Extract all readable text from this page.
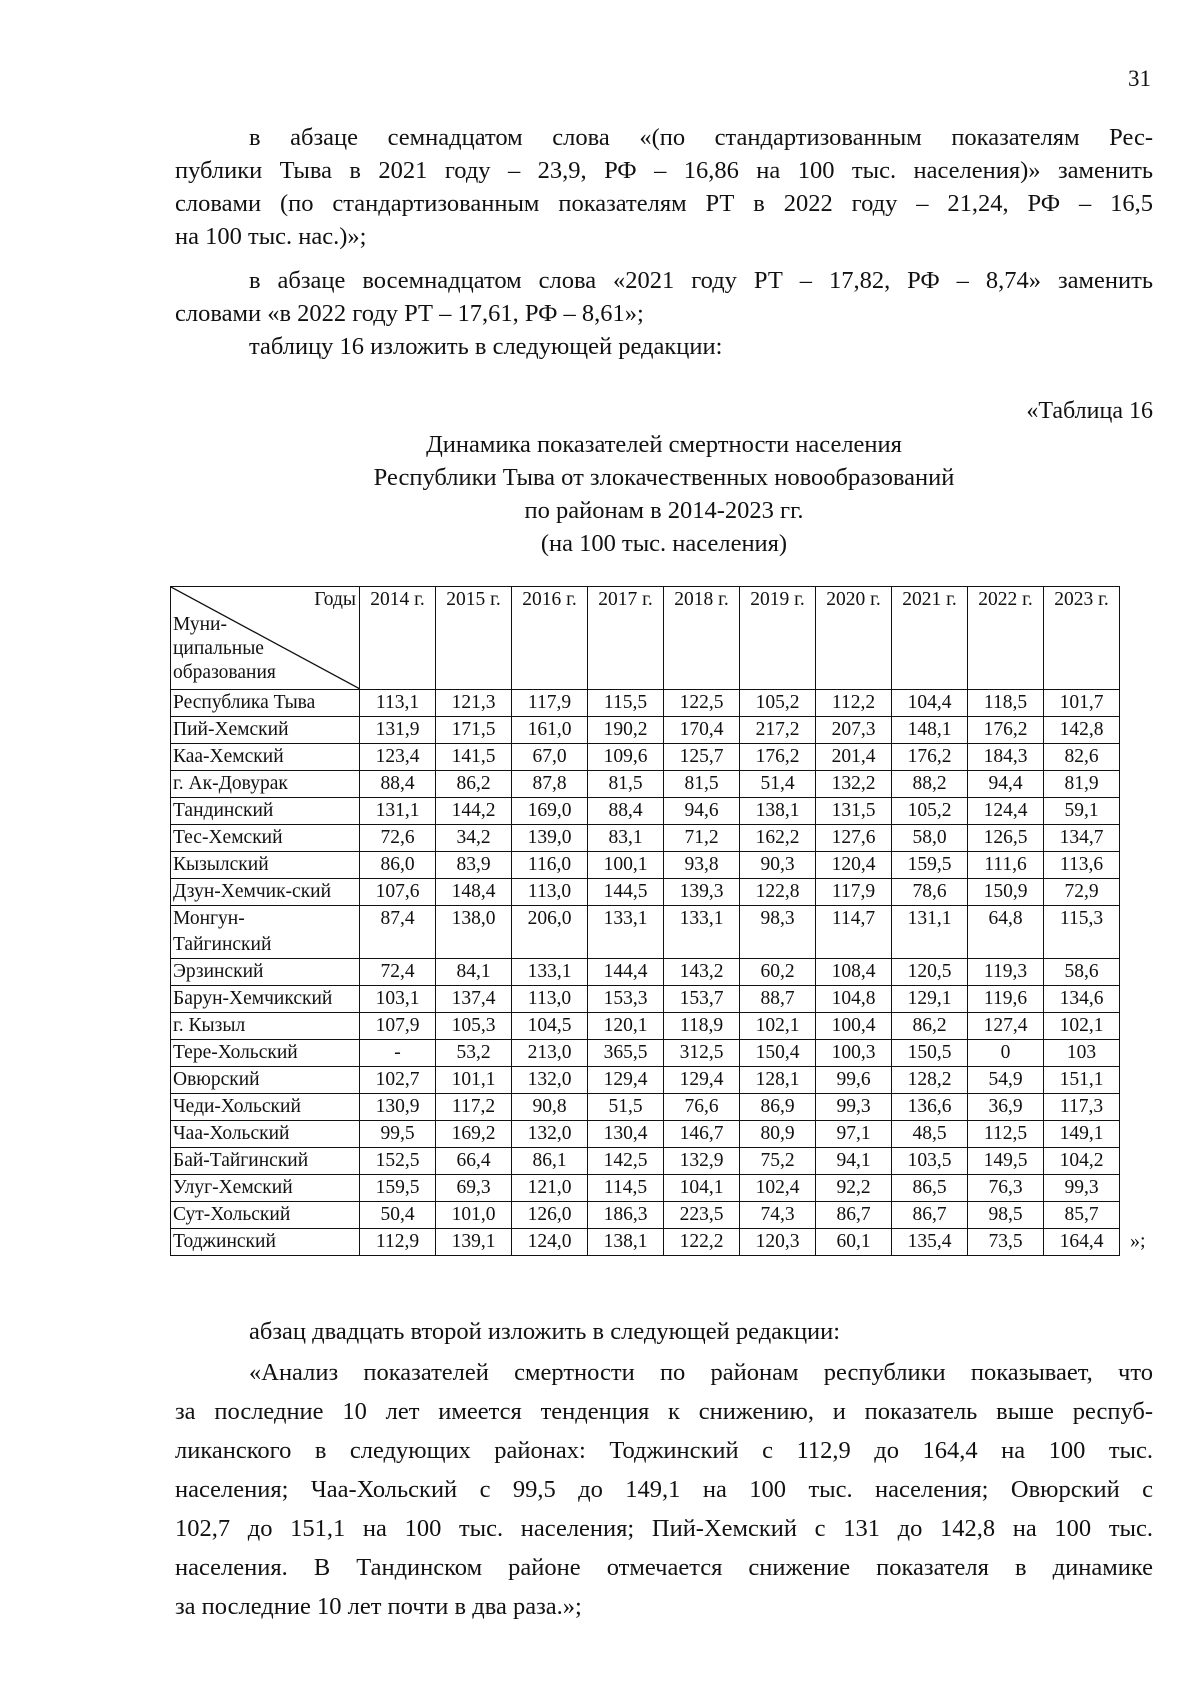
31
в абзаце семнадцатом слова «(по стандартизованным показателям Рес-
публики Тыва в 2021 году – 23,9, РФ – 16,86 на 100 тыс. населения)» заменить
словами (по стандартизованным показателям РТ в 2022 году – 21,24, РФ – 16,5
на 100 тыс. нас.)»;
в абзаце восемнадцатом слова «2021 году РТ – 17,82, РФ – 8,74» заменить
словами «в 2022 году РТ – 17,61, РФ – 8,61»;
таблицу 16 изложить в следующей редакции:
«Таблица 16
Динамика показателей смертности населения
Республики Тыва от злокачественных новообразований
по районам в 2014-2023 гг.
(на 100 тыс. населения)
Годы
Муни-
ципальные
образования	2014 г.	2015 г.	2016 г.	2017 г.	2018 г.	2019 г.	2020 г.	2021 г.	2022 г.	2023 г.
Республика Тыва	113,1	121,3	117,9	115,5	122,5	105,2	112,2	104,4	118,5	101,7
Пий-Хемский	131,9	171,5	161,0	190,2	170,4	217,2	207,3	148,1	176,2	142,8
Каа-Хемский	123,4	141,5	67,0	109,6	125,7	176,2	201,4	176,2	184,3	82,6
г. Ак-Довурак	88,4	86,2	87,8	81,5	81,5	51,4	132,2	88,2	94,4	81,9
Тандинский	131,1	144,2	169,0	88,4	94,6	138,1	131,5	105,2	124,4	59,1
Тес-Хемский	72,6	34,2	139,0	83,1	71,2	162,2	127,6	58,0	126,5	134,7
Кызылский	86,0	83,9	116,0	100,1	93,8	90,3	120,4	159,5	111,6	113,6
Дзун-Хемчик-ский	107,6	148,4	113,0	144,5	139,3	122,8	117,9	78,6	150,9	72,9
Монгун-
Тайгинский	87,4	138,0	206,0	133,1	133,1	98,3	114,7	131,1	64,8	115,3
Эрзинский	72,4	84,1	133,1	144,4	143,2	60,2	108,4	120,5	119,3	58,6
Барун-Хемчикский	103,1	137,4	113,0	153,3	153,7	88,7	104,8	129,1	119,6	134,6
г. Кызыл	107,9	105,3	104,5	120,1	118,9	102,1	100,4	86,2	127,4	102,1
Тере-Хольский	-	53,2	213,0	365,5	312,5	150,4	100,3	150,5	0	103
Овюрский	102,7	101,1	132,0	129,4	129,4	128,1	99,6	128,2	54,9	151,1
Чеди-Хольский	130,9	117,2	90,8	51,5	76,6	86,9	99,3	136,6	36,9	117,3
Чаа-Хольский	99,5	169,2	132,0	130,4	146,7	80,9	97,1	48,5	112,5	149,1
Бай-Тайгинский	152,5	66,4	86,1	142,5	132,9	75,2	94,1	103,5	149,5	104,2
Улуг-Хемский	159,5	69,3	121,0	114,5	104,1	102,4	92,2	86,5	76,3	99,3
Сут-Хольский	50,4	101,0	126,0	186,3	223,5	74,3	86,7	86,7	98,5	85,7
Тоджинский	112,9	139,1	124,0	138,1	122,2	120,3	60,1	135,4	73,5	164,4 »;
абзац двадцать второй изложить в следующей редакции:
«Анализ показателей смертности по районам республики показывает, что
за последние 10 лет имеется тенденция к снижению, и показатель выше респуб-
ликанского в следующих районах: Тоджинский с 112,9 до 164,4 на 100 тыс.
населения; Чаа-Хольский с 99,5 до 149,1 на 100 тыс. населения; Овюрский с
102,7 до 151,1 на 100 тыс. населения; Пий-Хемский с 131 до 142,8 на 100 тыс.
населения. В Тандинском районе отмечается снижение показателя в динамике
за последние 10 лет почти в два раза.»;
